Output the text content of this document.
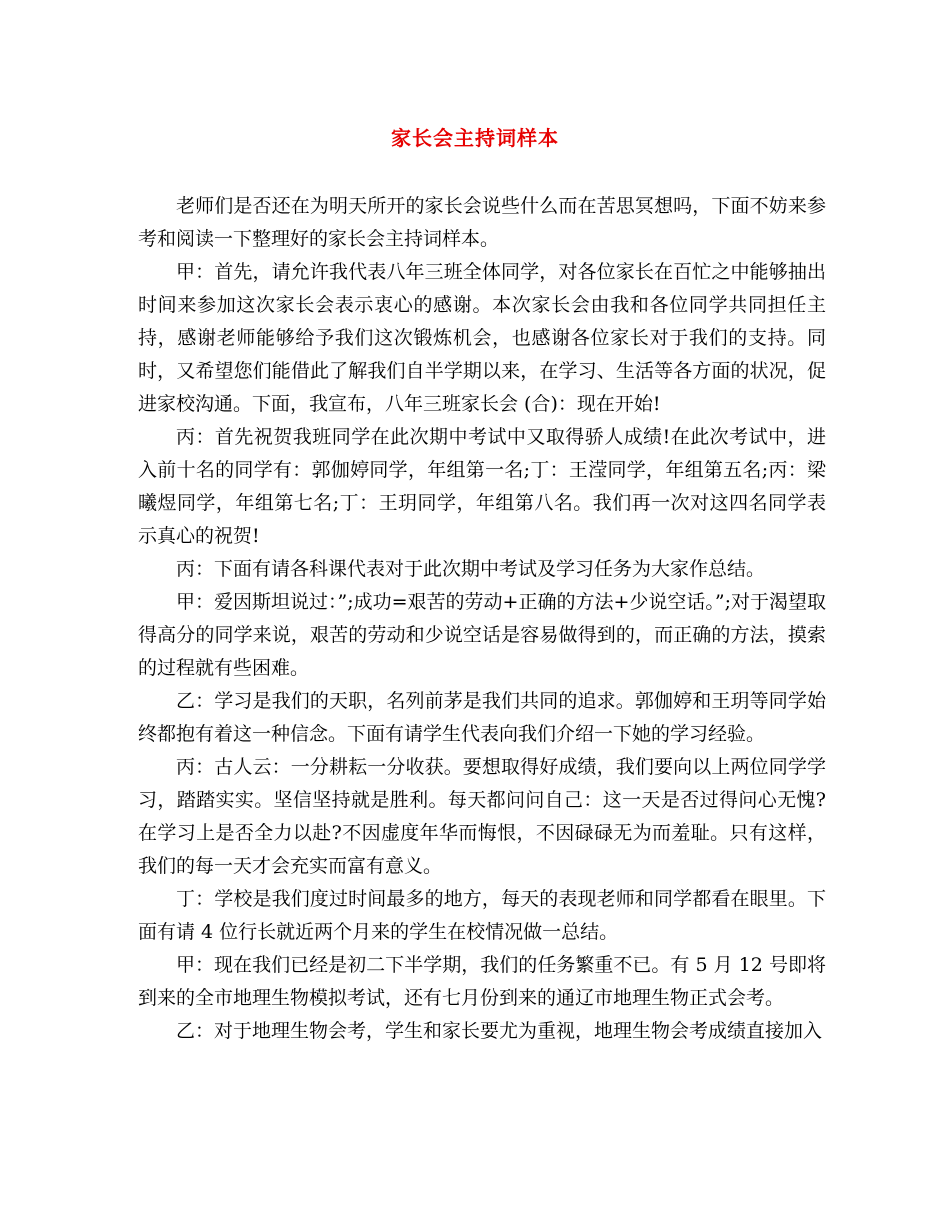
家长会主持词样本

老师们是否还在为明天所开的家长会说些什么而在苦思冥想吗，下面不妨来参考和阅读一下整理好的家长会主持词样本。

甲：首先，请允许我代表八年三班全体同学，对各位家长在百忙之中能够抽出时间来参加这次家长会表示衷心的感谢。本次家长会由我和各位同学共同担任主持，感谢老师能够给予我们这次锻炼机会，也感谢各位家长对于我们的支持。同时，又希望您们能借此了解我们自半学期以来，在学习、生活等各方面的状况，促进家校沟通。下面，我宣布，八年三班家长会 (合)：现在开始!

丙：首先祝贺我班同学在此次期中考试中又取得骄人成绩!在此次考试中，进入前十名的同学有：郭伽婷同学，年组第一名;丁：王滢同学，年组第五名;丙：梁曦煜同学，年组第七名;丁：王玥同学，年组第八名。我们再一次对这四名同学表示真心的祝贺!

丙：下面有请各科课代表对于此次期中考试及学习任务为大家作总结。

甲：爱因斯坦说过：”;成功=艰苦的劳动+正确的方法+少说空话。”;对于渴望取得高分的同学来说，艰苦的劳动和少说空话是容易做得到的，而正确的方法，摸索的过程就有些困难。

乙：学习是我们的天职，名列前茅是我们共同的追求。郭伽婷和王玥等同学始终都抱有着这一种信念。下面有请学生代表向我们介绍一下她的学习经验。

丙：古人云：一分耕耘一分收获。要想取得好成绩，我们要向以上两位同学学习，踏踏实实。坚信坚持就是胜利。每天都问问自己：这一天是否过得问心无愧?在学习上是否全力以赴?不因虚度年华而悔恨，不因碌碌无为而羞耻。只有这样，我们的每一天才会充实而富有意义。

丁：学校是我们度过时间最多的地方，每天的表现老师和同学都看在眼里。下面有请 4 位行长就近两个月来的学生在校情况做一总结。

甲：现在我们已经是初二下半学期，我们的任务繁重不已。有 5 月 12 号即将到来的全市地理生物模拟考试，还有七月份到来的通辽市地理生物正式会考。

乙：对于地理生物会考，学生和家长要尤为重视，地理生物会考成绩直接加入
